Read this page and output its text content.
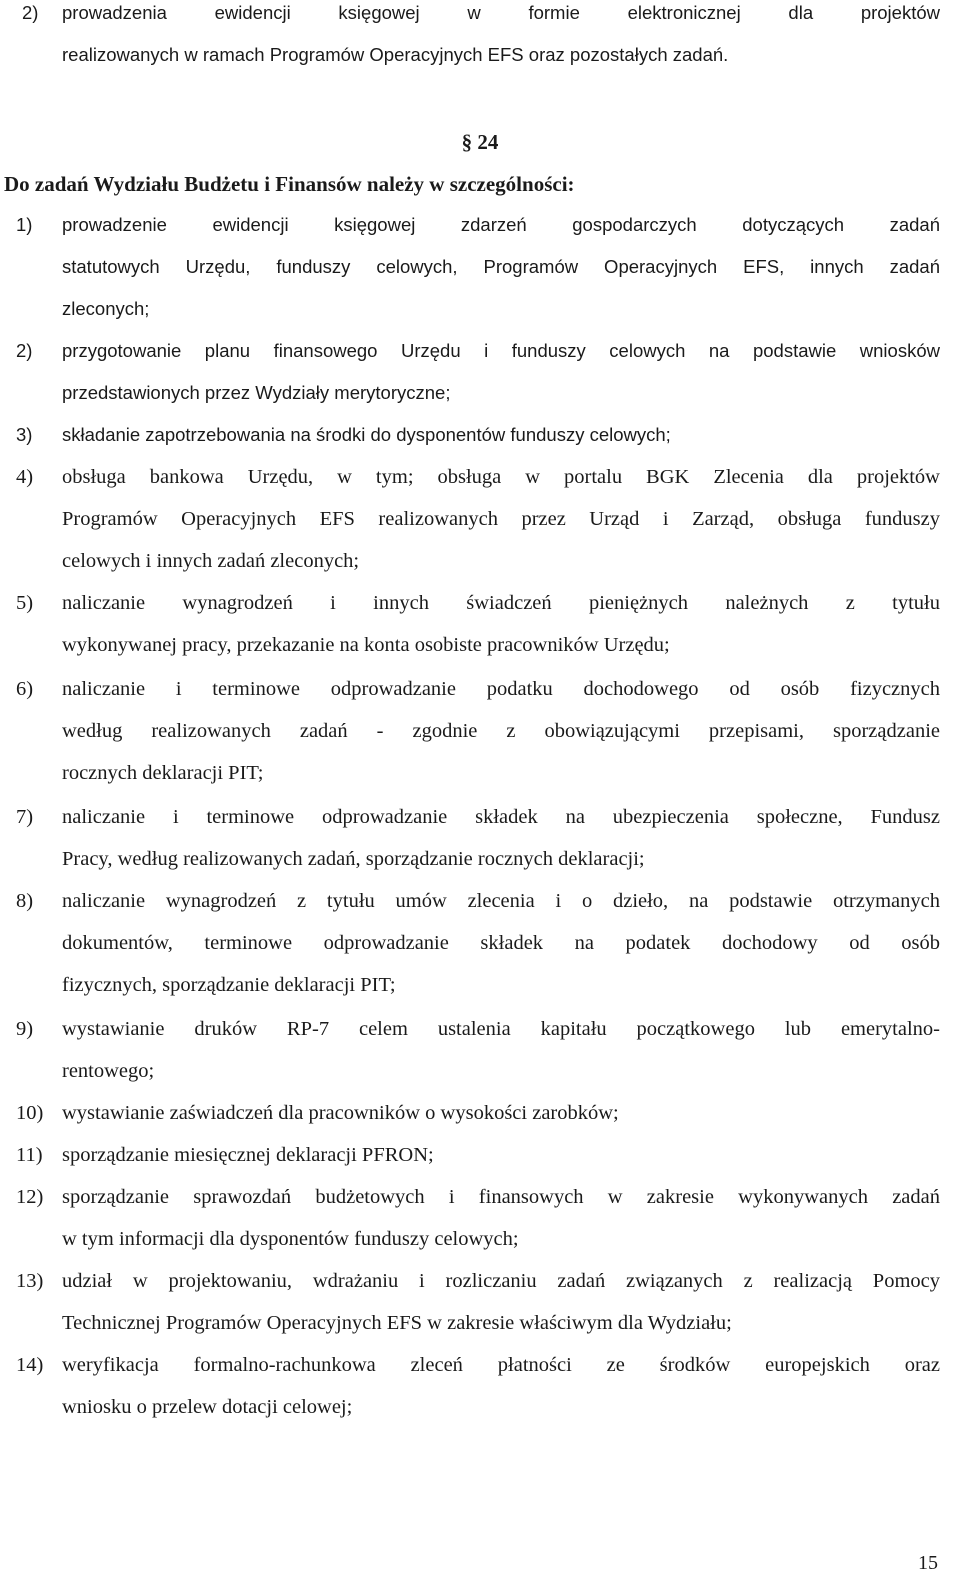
2) prowadzenia ewidencji księgowej w formie elektronicznej dla projektów
realizowanych w ramach Programów Operacyjnych EFS oraz pozostałych zadań.
§ 24
Do zadań Wydziału Budżetu i Finansów należy w szczególności:
1) prowadzenie ewidencji księgowej zdarzeń gospodarczych dotyczących zadań
statutowych Urzędu, funduszy celowych, Programów Operacyjnych EFS, innych zadań
zleconych;
2) przygotowanie planu finansowego Urzędu i funduszy celowych na podstawie wniosków
przedstawionych przez Wydziały merytoryczne;
3) składanie zapotrzebowania na środki do dysponentów funduszy celowych;
4) obsługa bankowa Urzędu, w tym; obsługa w portalu BGK Zlecenia dla projektów
Programów Operacyjnych EFS realizowanych przez Urząd i Zarząd, obsługa funduszy
celowych i innych zadań zleconych;
5) naliczanie wynagrodzeń i innych świadczeń pieniężnych należnych z tytułu
wykonywanej pracy, przekazanie na konta osobiste pracowników Urzędu;
6) naliczanie i terminowe odprowadzanie podatku dochodowego od osób fizycznych
według realizowanych zadań - zgodnie z obowiązującymi przepisami, sporządzanie
rocznych deklaracji PIT;
7) naliczanie i terminowe odprowadzanie składek na ubezpieczenia społeczne, Fundusz
Pracy, według realizowanych zadań, sporządzanie rocznych deklaracji;
8) naliczanie wynagrodzeń z tytułu umów zlecenia i o dzieło, na podstawie otrzymanych
dokumentów, terminowe odprowadzanie składek na podatek dochodowy od osób
fizycznych, sporządzanie deklaracji PIT;
9) wystawianie druków RP-7 celem ustalenia kapitału początkowego lub emerytalno-
rentowego;
10) wystawianie zaświadczeń dla pracowników o wysokości zarobków;
11) sporządzanie miesięcznej deklaracji PFRON;
12) sporządzanie sprawozdań budżetowych i finansowych w zakresie wykonywanych zadań
w tym informacji dla dysponentów funduszy celowych;
13) udział w projektowaniu, wdrażaniu i rozliczaniu zadań związanych z realizacją Pomocy
Technicznej Programów Operacyjnych EFS w zakresie właściwym dla Wydziału;
14) weryfikacja formalno-rachunkowa zleceń płatności ze środków europejskich oraz
wniosku o przelew dotacji celowej;
15
